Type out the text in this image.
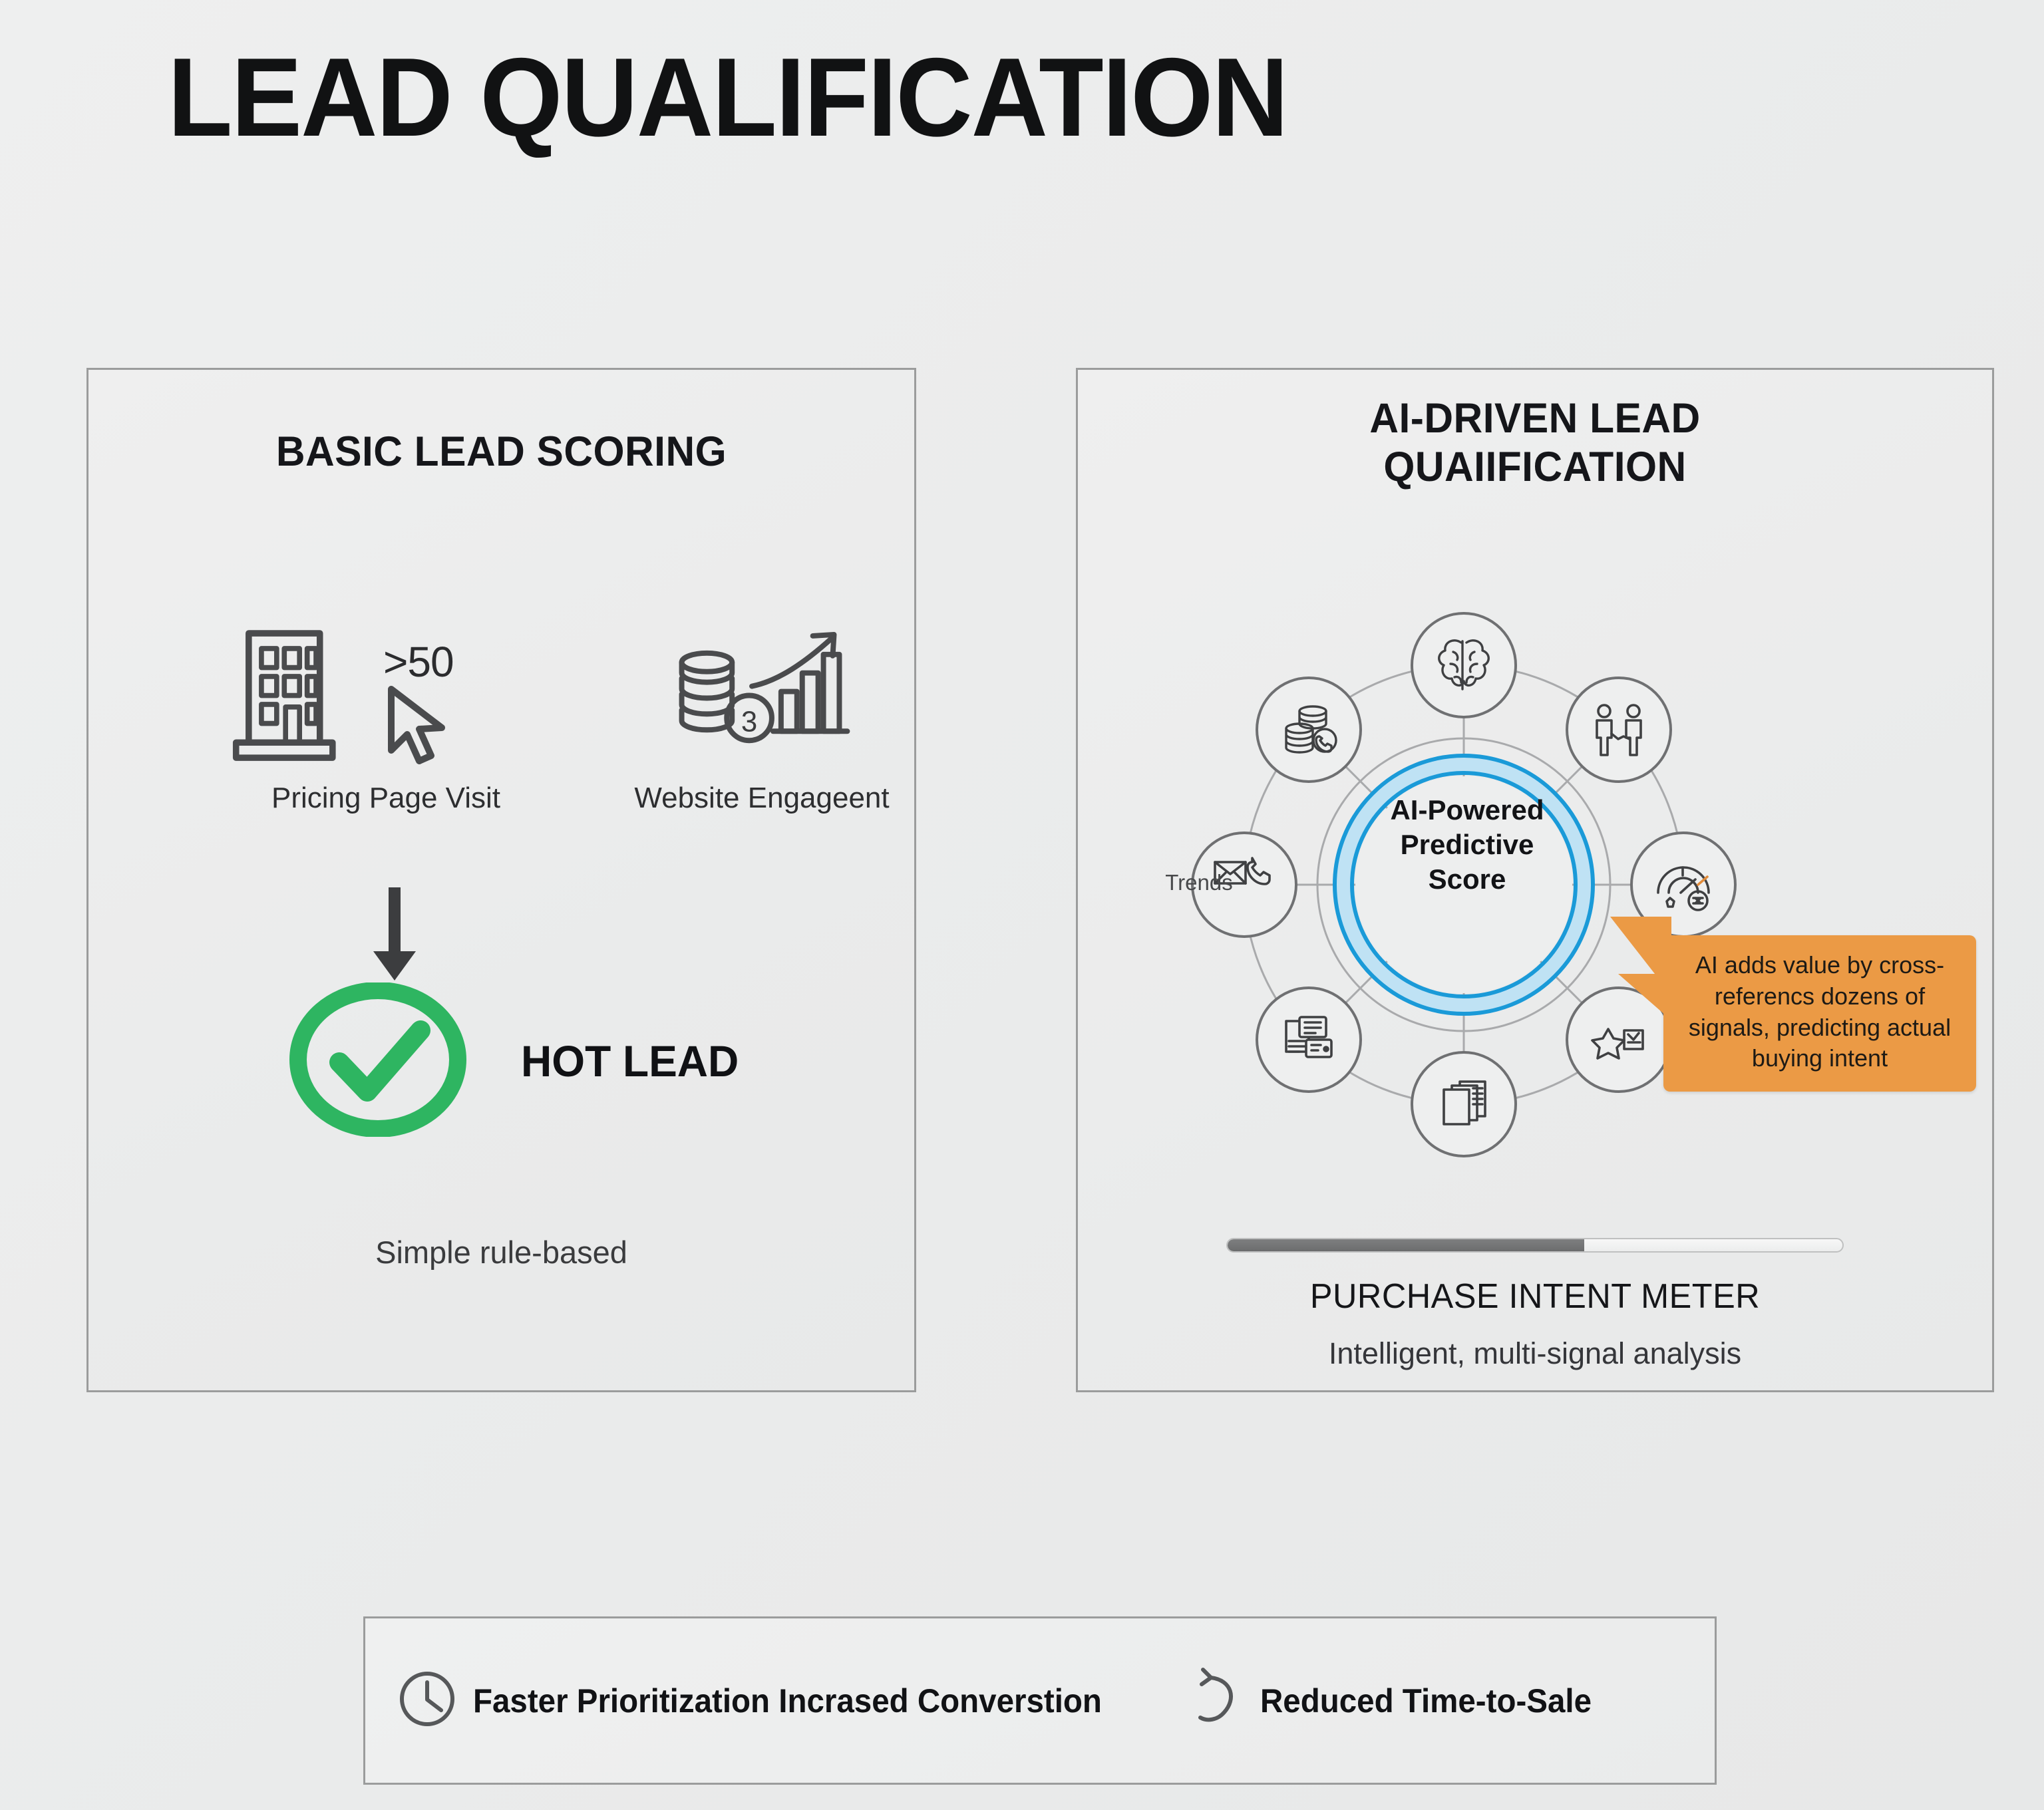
LEAD QUALIFICATION
BASIC LEAD SCORING
>50
Pricing Page Visit
3
Website Engageent
HOT LEAD
Simple rule-based
AI-DRIVEN LEAD
QUAIIFICATION
AI-Powered
Predictive
Score
Trends
AI adds value by cross-referencs dozens of signals, predicting actual buying intent
PURCHASE INTENT METER
Intelligent, multi-signal analysis
Faster Prioritization Incrased Converstion	Reduced Time-to-Sale
